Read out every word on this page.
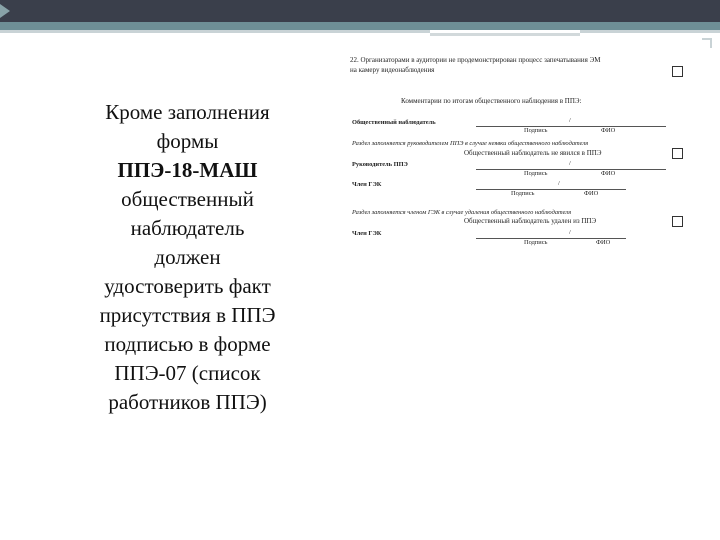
Кроме заполнения
формы
ППЭ-18-МАШ
общественный
наблюдатель
должен
удостоверить факт
присутствия в ППЭ
подписью в форме
ППЭ-07 (список
работников ППЭ)
22. Организаторами в аудитории не продемонстрирован процесс запечатывания ЭМ
на камеру видеонаблюдения
Комментарии по итогам общественного наблюдения в ППЭ:
Общественный наблюдатель	/
Подпись	ФИО
Раздел заполняется руководителем ППЭ в случае неявки общественного наблюдателя
Общественный наблюдатель не явился в ППЭ
Руководитель ППЭ	/
Подпись	ФИО
Член ГЭК	/
Подпись	ФИО
Раздел заполняется членом ГЭК в случае удаления общественного наблюдателя
Общественный наблюдатель удален из ППЭ
Член ГЭК	/
Подпись	ФИО
